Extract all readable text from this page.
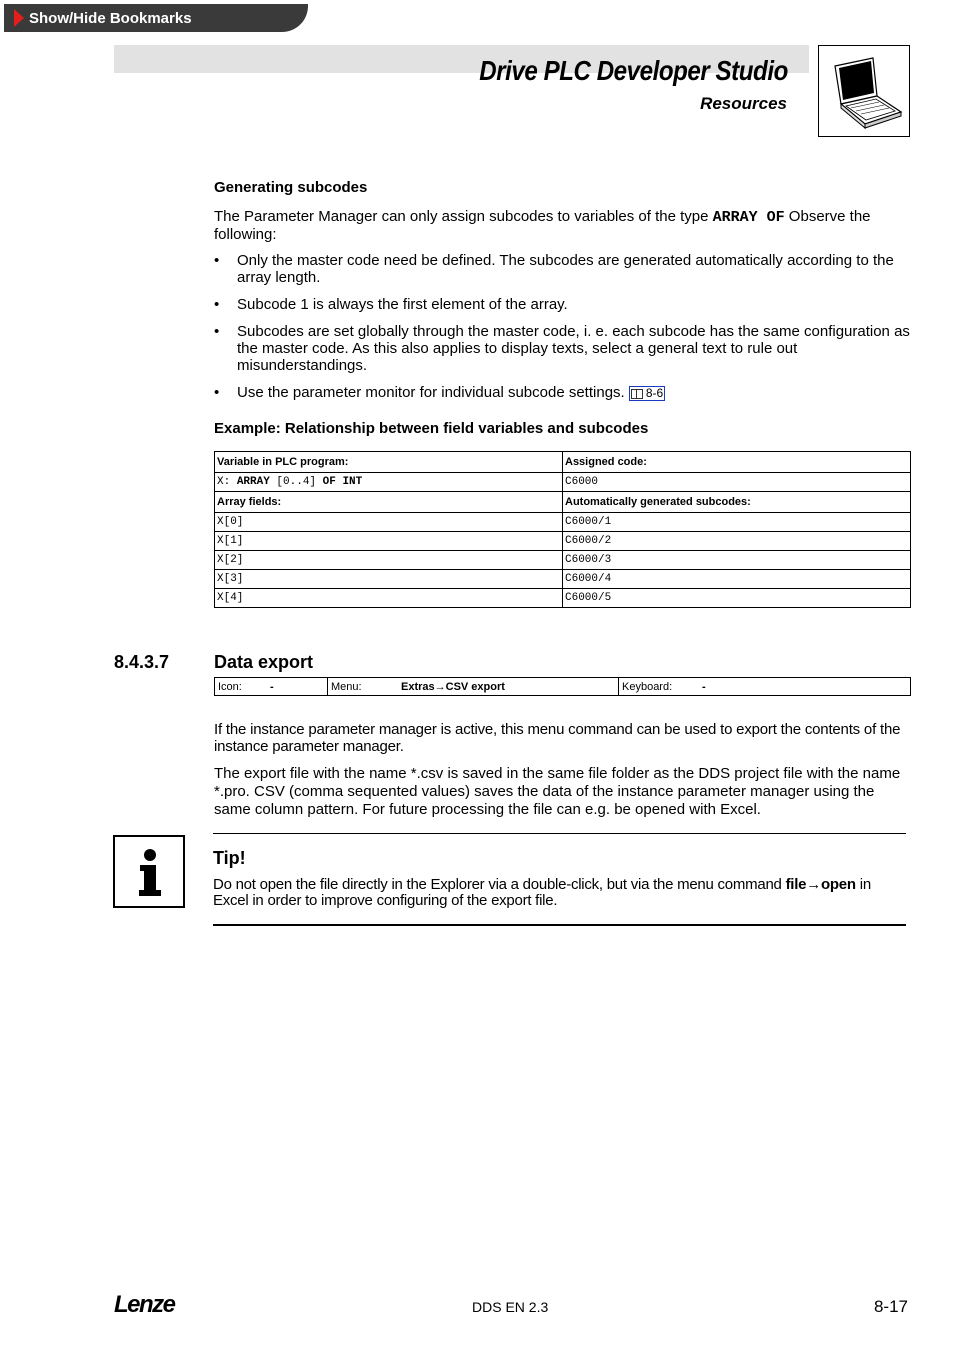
Show/Hide Bookmarks
Drive PLC Developer Studio
Resources
Generating subcodes
The Parameter Manager can only assign subcodes to variables of the type ARRAY OF Observe the following:
• Only the master code need be defined. The subcodes are generated automatically according to the array length.
• Subcode 1 is always the first element of the array.
• Subcodes are set globally through the master code, i. e. each subcode has the same configuration as the master code. As this also applies to display texts, select a general text to rule out misunderstandings.
• Use the parameter monitor for individual subcode settings. 8-6
Example: Relationship between field variables and subcodes
Variable in PLC program:	Assigned code:
X: ARRAY [0..4] OF INT	C6000
Array fields:	Automatically generated subcodes:
X[0]	C6000/1
X[1]	C6000/2
X[2]	C6000/3
X[3]	C6000/4
X[4]	C6000/5
8.4.3.7 Data export
Icon:	-	Menu:	Extras→CSV export	Keyboard:	-
If the instance parameter manager is active, this menu command can be used to export the contents of the instance parameter manager.
The export file with the name *.csv is saved in the same file folder as the DDS project file with the name *.pro. CSV (comma sequented values) saves the data of the instance parameter manager using the same column pattern. For future processing the file can e.g. be opened with Excel.
Tip!
Do not open the file directly in the Explorer via a double-click, but via the menu command file→open in Excel in order to improve configuring of the export file.
Lenze	DDS EN 2.3	8-17
